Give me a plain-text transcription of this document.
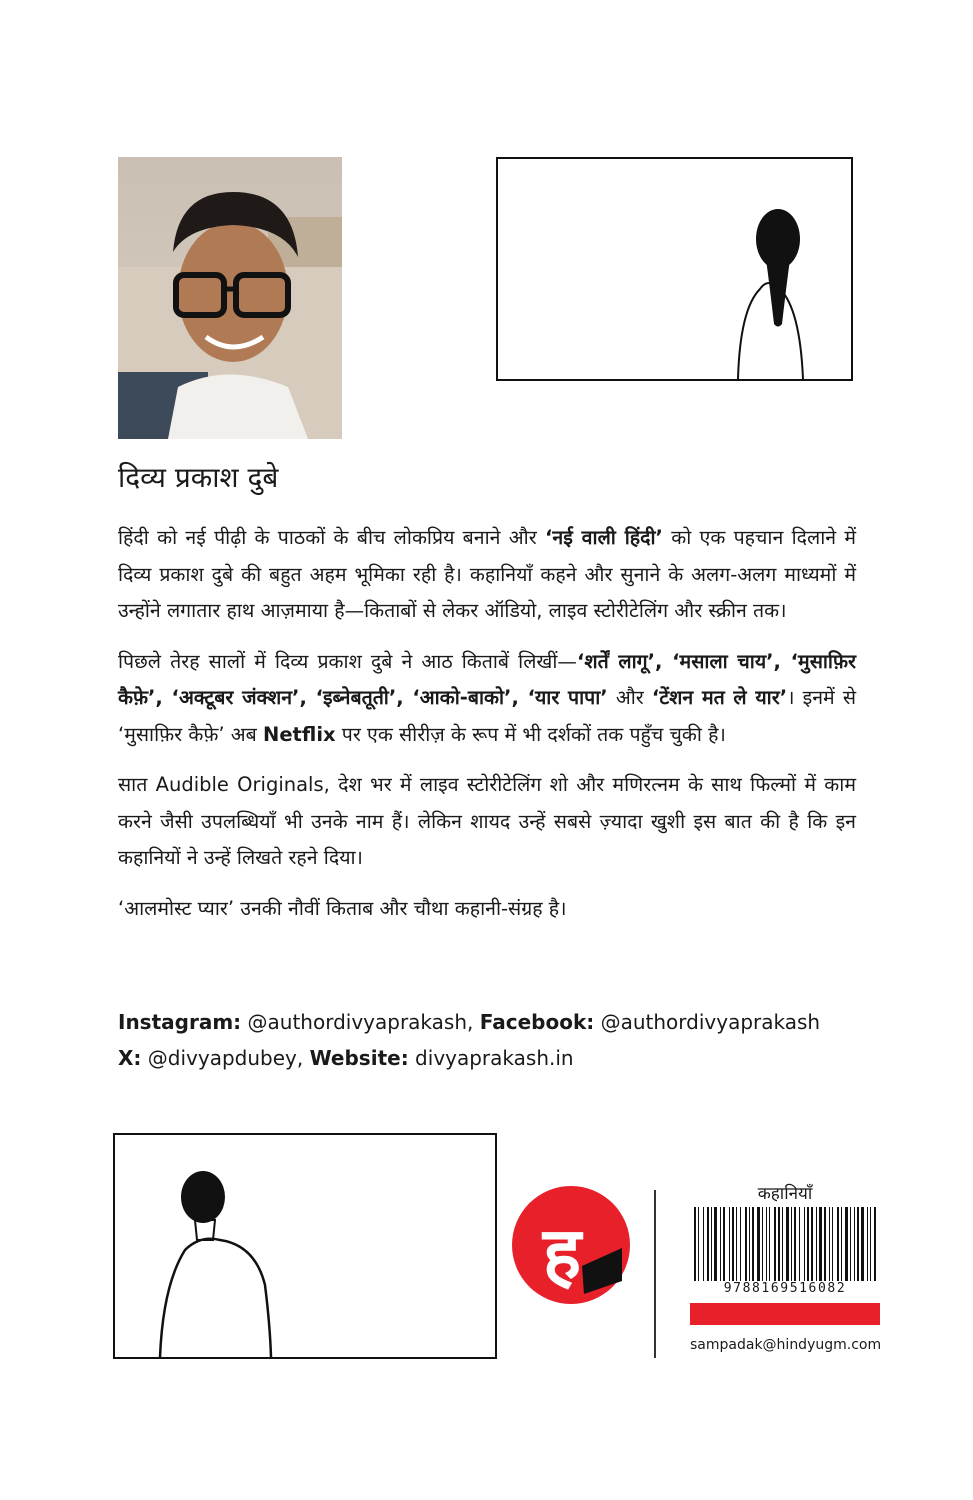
दिव्य प्रकाश दुबे

हिंदी को नई पीढ़ी के पाठकों के बीच लोकप्रिय बनाने और ‘नई वाली हिंदी’ को एक पहचान दिलाने में दिव्य प्रकाश दुबे की बहुत अहम भूमिका रही है। कहानियाँ कहने और सुनाने के अलग-अलग माध्यमों में उन्होंने लगातार हाथ आज़माया है—किताबों से लेकर ऑडियो, लाइव स्टोरीटेलिंग और स्क्रीन तक।

पिछले तेरह सालों में दिव्य प्रकाश दुबे ने आठ किताबें लिखीं—‘शर्तें लागू’, ‘मसाला चाय’, ‘मुसाफ़िर कैफ़े’, ‘अक्टूबर जंक्शन’, ‘इब्नेबतूती’, ‘आको-बाको’, ‘यार पापा’ और ‘टेंशन मत ले यार’। इनमें से ‘मुसाफ़िर कैफ़े’ अब Netflix पर एक सीरीज़ के रूप में भी दर्शकों तक पहुँच चुकी है।

सात Audible Originals, देश भर में लाइव स्टोरीटेलिंग शो और मणिरत्नम के साथ फिल्मों में काम करने जैसी उपलब्धियाँ भी उनके नाम हैं। लेकिन शायद उन्हें सबसे ज़्यादा खुशी इस बात की है कि इन कहानियों ने उन्हें लिखते रहने दिया।

‘आलमोस्ट प्यार’ उनकी नौवीं किताब और चौथा कहानी-संग्रह है।

Instagram: @authordivyaprakash, Facebook: @authordivyaprakash
X: @divyapdubey, Website: divyaprakash.in
ह
कहानियाँ
9788169516082
sampadak@hindyugm.com
